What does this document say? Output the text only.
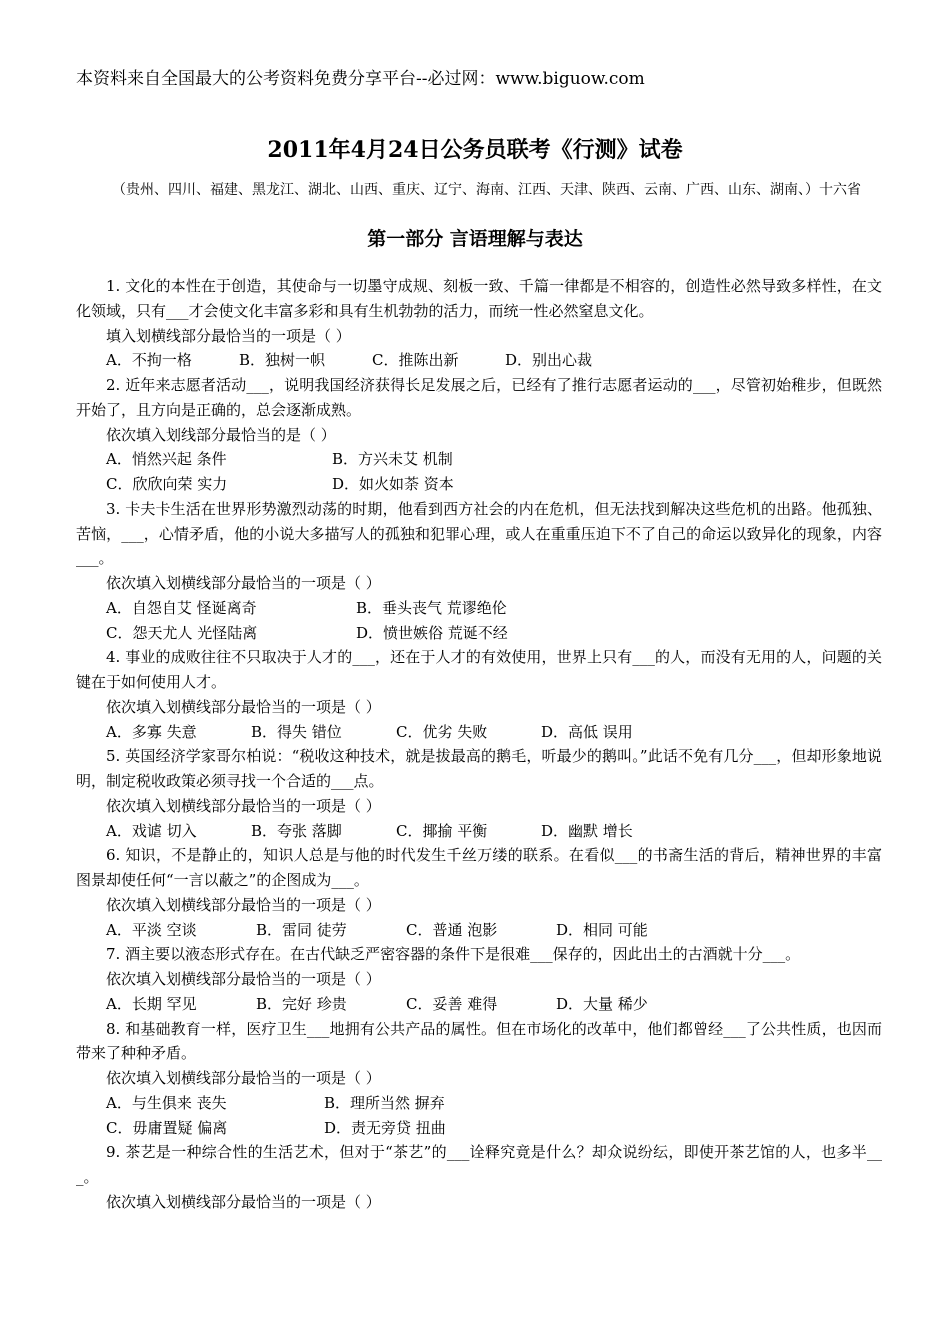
本资料来自全国最大的公考资料免费分享平台--必过网：www.biguow.com
2011年4月24日公务员联考《行测》试卷
（贵州、四川、福建、黑龙江、湖北、山西、重庆、辽宁、海南、江西、天津、陕西、云南、广西、山东、湖南、）十六省
第一部分 言语理解与表达

1. 文化的本性在于创造，其使命与一切墨守成规、刻板一致、千篇一律都是不相容的，创造性必然导致多样性，在文化领域，只有___才会使文化丰富多彩和具有生机勃勃的活力，而统一性必然窒息文化。

填入划横线部分最恰当的一项是（ ）

A．不拘一格	B．独树一帜	C．推陈出新	D．别出心裁

2. 近年来志愿者活动___，说明我国经济获得长足发展之后，已经有了推行志愿者运动的___，尽管初始稚步，但既然开始了，且方向是正确的，总会逐渐成熟。

依次填入划线部分最恰当的是（ ）

A．悄然兴起 条件	B．方兴未艾 机制
C．欣欣向荣 实力	D．如火如荼 资本

3. 卡夫卡生活在世界形势激烈动荡的时期，他看到西方社会的内在危机，但无法找到解决这些危机的出路。他孤独、苦恼，___，心情矛盾，他的小说大多描写人的孤独和犯罪心理，或人在重重压迫下不了自己的命运以致异化的现象，内容___。

依次填入划横线部分最恰当的一项是（ ）

A．自怨自艾 怪诞离奇	B．垂头丧气 荒谬绝伦
C．怨天尤人 光怪陆离	D．愤世嫉俗 荒诞不经

4. 事业的成败往往不只取决于人才的___，还在于人才的有效使用，世界上只有___的人，而没有无用的人，问题的关键在于如何使用人才。

依次填入划横线部分最恰当的一项是（ ）

A．多寡 失意	B．得失 错位	C．优劣 失败	D．高低 误用

5. 英国经济学家哥尔柏说：“税收这种技术，就是拔最高的鹅毛，听最少的鹅叫。”此话不免有几分___，但却形象地说明，制定税收政策必须寻找一个合适的___点。

依次填入划横线部分最恰当的一项是（ ）

A．戏谑 切入	B．夸张 落脚	C．揶揄 平衡	D．幽默 增长

6. 知识，不是静止的，知识人总是与他的时代发生千丝万缕的联系。在看似___的书斋生活的背后，精神世界的丰富图景却使任何“一言以蔽之”的企图成为___。

依次填入划横线部分最恰当的一项是（ ）

A．平淡 空谈	B．雷同 徒劳	C．普通 泡影	D．相同 可能

7. 酒主要以液态形式存在。在古代缺乏严密容器的条件下是很难___保存的，因此出土的古酒就十分___。

依次填入划横线部分最恰当的一项是（ ）

A．长期 罕见	B．完好 珍贵	C．妥善 难得	D．大量 稀少

8. 和基础教育一样，医疗卫生___地拥有公共产品的属性。但在市场化的改革中，他们都曾经___了公共性质，也因而带来了种种矛盾。

依次填入划横线部分最恰当的一项是（ ）

A．与生俱来 丧失	B．理所当然 摒弃
C．毋庸置疑 偏离	D．责无旁贷 扭曲

9. 茶艺是一种综合性的生活艺术，但对于“茶艺”的___诠释究竟是什么？却众说纷纭，即使开茶艺馆的人，也多半___。

依次填入划横线部分最恰当的一项是（ ）
